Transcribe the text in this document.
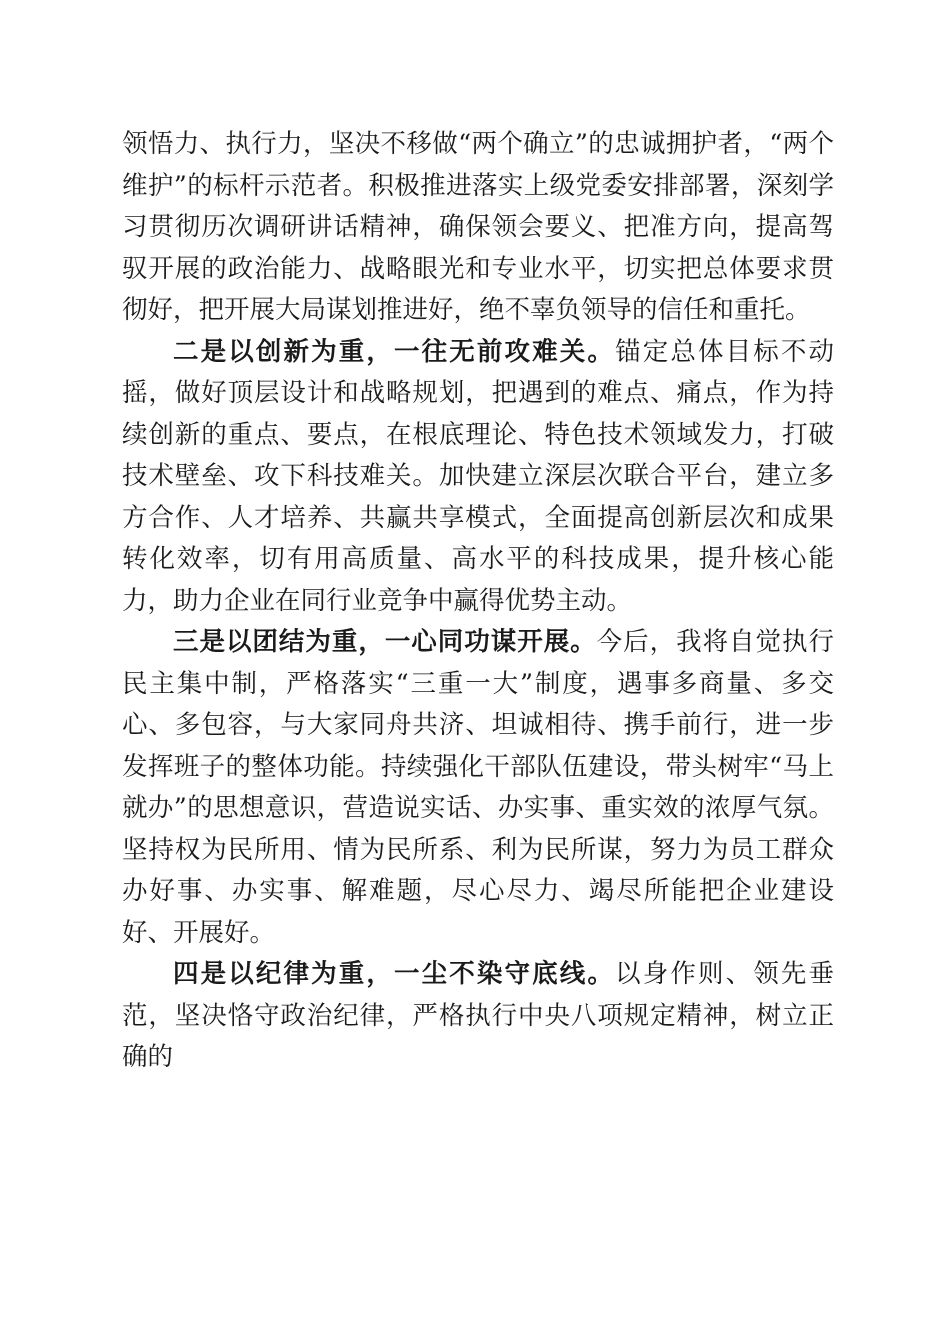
领悟力、执行力，坚决不移做“两个确立”的忠诚拥护者，“两个维护”的标杆示范者。积极推进落实上级党委安排部署，深刻学习贯彻历次调研讲话精神，确保领会要义、把准方向，提高驾驭开展的政治能力、战略眼光和专业水平，切实把总体要求贯彻好，把开展大局谋划推进好，绝不辜负领导的信任和重托。

二是以创新为重，一往无前攻难关。锚定总体目标不动摇，做好顶层设计和战略规划，把遇到的难点、痛点，作为持续创新的重点、要点，在根底理论、特色技术领域发力，打破技术壁垒、攻下科技难关。加快建立深层次联合平台，建立多方合作、人才培养、共赢共享模式，全面提高创新层次和成果转化效率，切有用高质量、高水平的科技成果，提升核心能力，助力企业在同行业竞争中赢得优势主动。

三是以团结为重，一心同功谋开展。今后，我将自觉执行民主集中制，严格落实“三重一大”制度，遇事多商量、多交心、多包容，与大家同舟共济、坦诚相待、携手前行，进一步发挥班子的整体功能。持续强化干部队伍建设，带头树牢“马上就办”的思想意识，营造说实话、办实事、重实效的浓厚气氛。坚持权为民所用、情为民所系、利为民所谋，努力为员工群众办好事、办实事、解难题，尽心尽力、竭尽所能把企业建设好、开展好。

四是以纪律为重，一尘不染守底线。以身作则、领先垂范，坚决恪守政治纪律，严格执行中央八项规定精神，树立正确的
